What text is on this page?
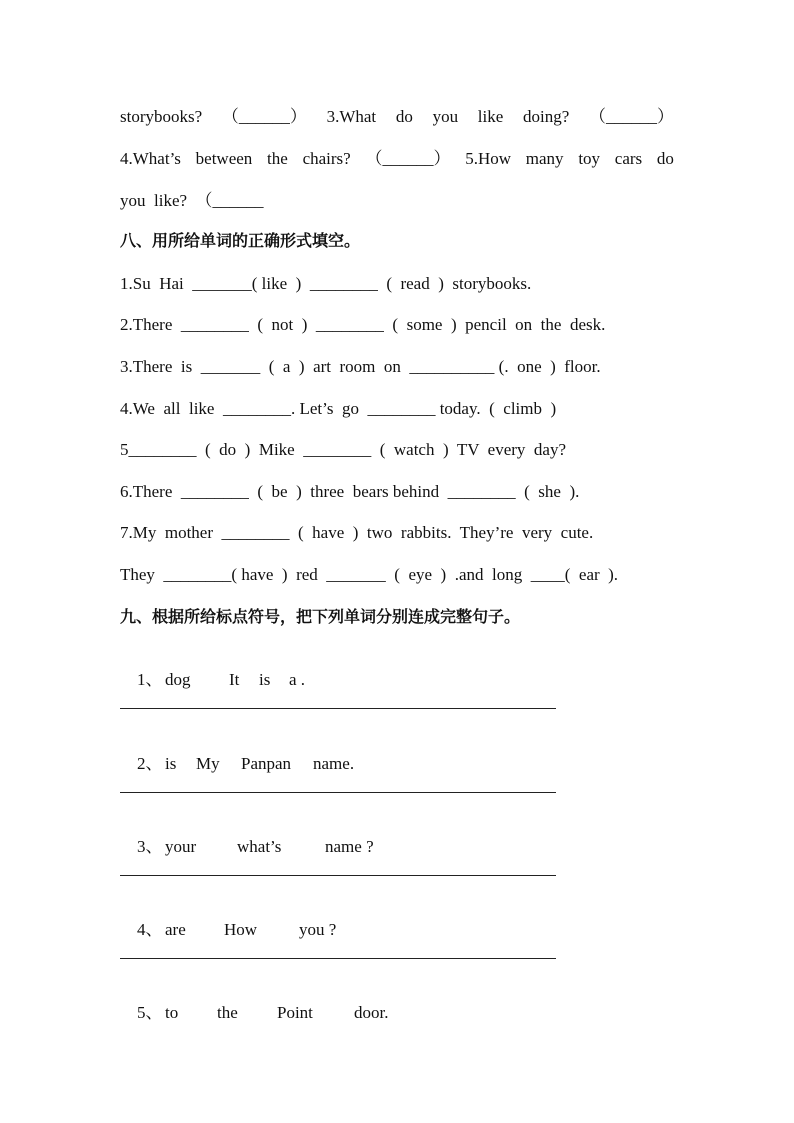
storybooks? （______） 3.What do you like doing? （______）
4.What’s between the chairs? （______） 5.How many toy cars do
you  like?  （______
八、用所给单词的正确形式填空。
1.Su  Hai  _______( like  )  ________  (  read  )  storybooks.
2.There  ________  (  not  )  ________  (  some  )  pencil  on  the  desk.
3.There  is  _______  (  a  )  art  room  on  __________ (.  one  )  floor.
4.We  all  like  ________. Let’s  go  ________ today.  (  climb  )
5________  (  do  )  Mike  ________  (  watch  )  TV  every  day?
6.There  ________  (  be  )  three  bears behind  ________  (  she  ).
7.My  mother  ________  (  have  )  two  rabbits.  They’re  very  cute.
They  ________( have  )  red  _______  (  eye  )  .and  long  ____(  ear  ).
九、根据所给标点符号，把下列单词分别连成完整句子。

1、 dog It is a .

2、 is My Panpan name.

3、 your what’s	name ?

4、 are How you ?

5、 to the Point door.
